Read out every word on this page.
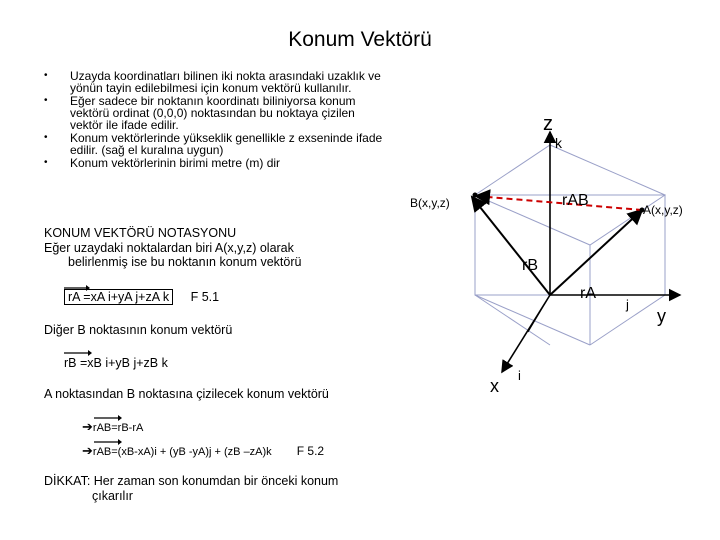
Konum Vektörü
• Uzayda koordinatları bilinen iki nokta arasındaki uzaklık ve yönün tayin edilebilmesi için konum vektörü kullanılır.
• Eğer sadece bir noktanın koordinatı biliniyorsa konum vektörü ordinat (0,0,0) noktasından bu noktaya çizilen vektör ile ifade edilir.
• Konum vektörlerinde yükseklik genellikle z exseninde ifade edilir. (sağ el kuralına uygun)
• Konum vektörlerinin birimi metre (m) dir
KONUM VEKTÖRÜ NOTASYONU
Eğer uzaydaki noktalardan biri A(x,y,z) olarak
belirlenmiş ise bu noktanın konum vektörü
rA =xA i+yA j+zA k F 5.1
Diğer B noktasının konum vektörü
rB =xB i+yB j+zB k
A noktasından B noktasına çizilecek konum vektörü
➔rAB=rB-rA
➔rAB=(xB-xA)i + (yB -yA)j + (zB –zA)k F 5.2
DİKKAT: Her zaman son konumdan bir önceki konum
çıkarılır
z
k
y
j
x
i
B(x,y,z)	A(x,y,z)
rAB
rB
rA
